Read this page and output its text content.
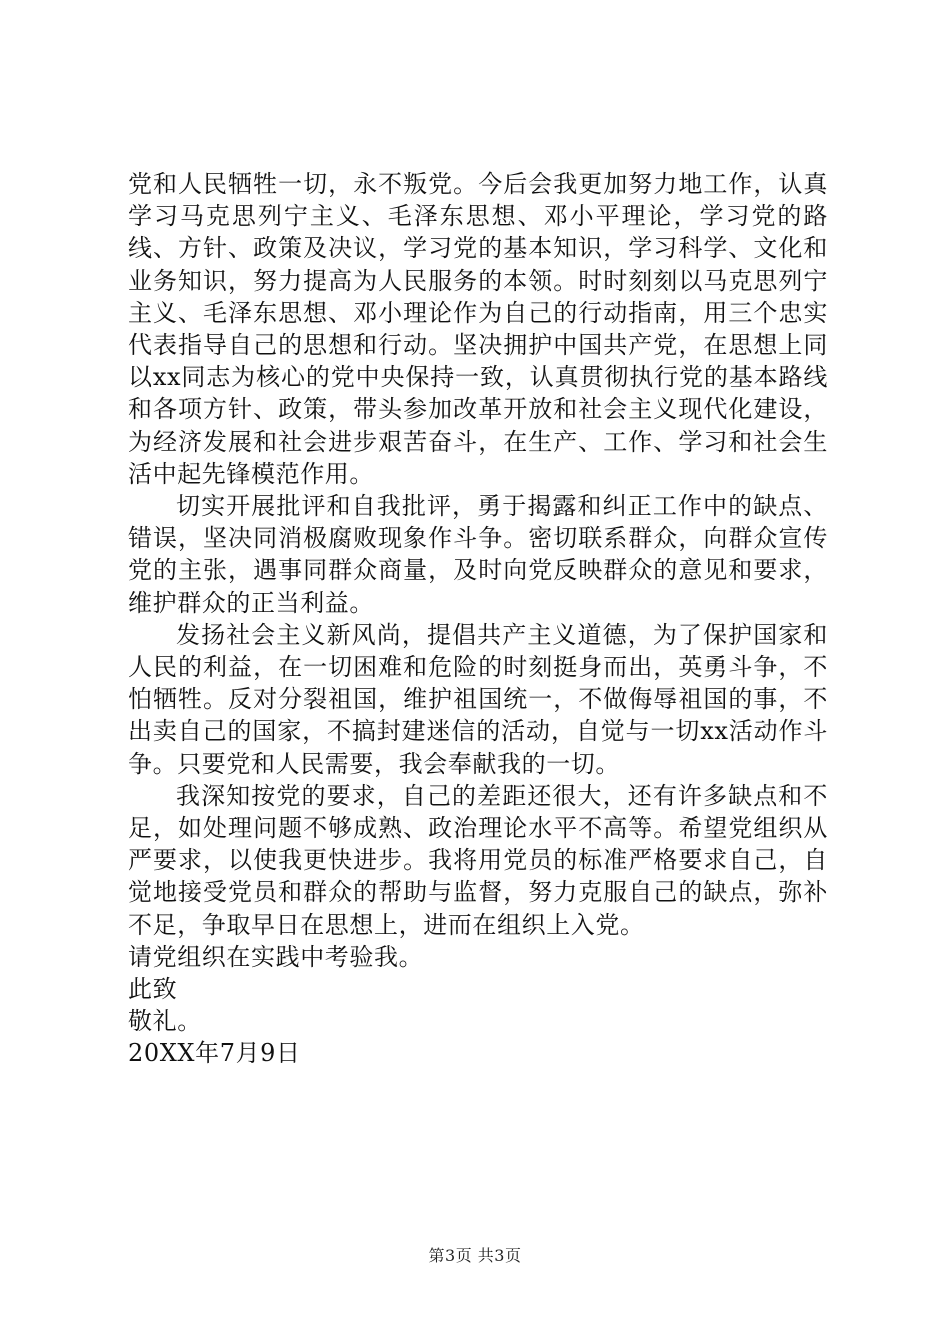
党和人民牺牲一切，永不叛党。今后会我更加努力地工作，认真学习马克思列宁主义、毛泽东思想、邓小平理论，学习党的路线、方针、政策及决议，学习党的基本知识，学习科学、文化和业务知识，努力提高为人民服务的本领。时时刻刻以马克思列宁主义、毛泽东思想、邓小理论作为自己的行动指南，用三个忠实代表指导自己的思想和行动。坚决拥护中国共产党，在思想上同以xx同志为核心的党中央保持一致，认真贯彻执行党的基本路线和各项方针、政策，带头参加改革开放和社会主义现代化建设，为经济发展和社会进步艰苦奋斗，在生产、工作、学习和社会生活中起先锋模范作用。

切实开展批评和自我批评，勇于揭露和纠正工作中的缺点、错误，坚决同消极腐败现象作斗争。密切联系群众，向群众宣传党的主张，遇事同群众商量，及时向党反映群众的意见和要求，维护群众的正当利益。

发扬社会主义新风尚，提倡共产主义道德，为了保护国家和人民的利益，在一切困难和危险的时刻挺身而出，英勇斗争，不怕牺牲。反对分裂祖国，维护祖国统一，不做侮辱祖国的事，不出卖自己的国家，不搞封建迷信的活动，自觉与一切xx活动作斗争。只要党和人民需要，我会奉献我的一切。

我深知按党的要求，自己的差距还很大，还有许多缺点和不足，如处理问题不够成熟、政治理论水平不高等。希望党组织从严要求，以使我更快进步。我将用党员的标准严格要求自己，自觉地接受党员和群众的帮助与监督，努力克服自己的缺点，弥补不足，争取早日在思想上，进而在组织上入党。

请党组织在实践中考验我。

此致

敬礼。

20XX年7月9日

第3页 共3页
